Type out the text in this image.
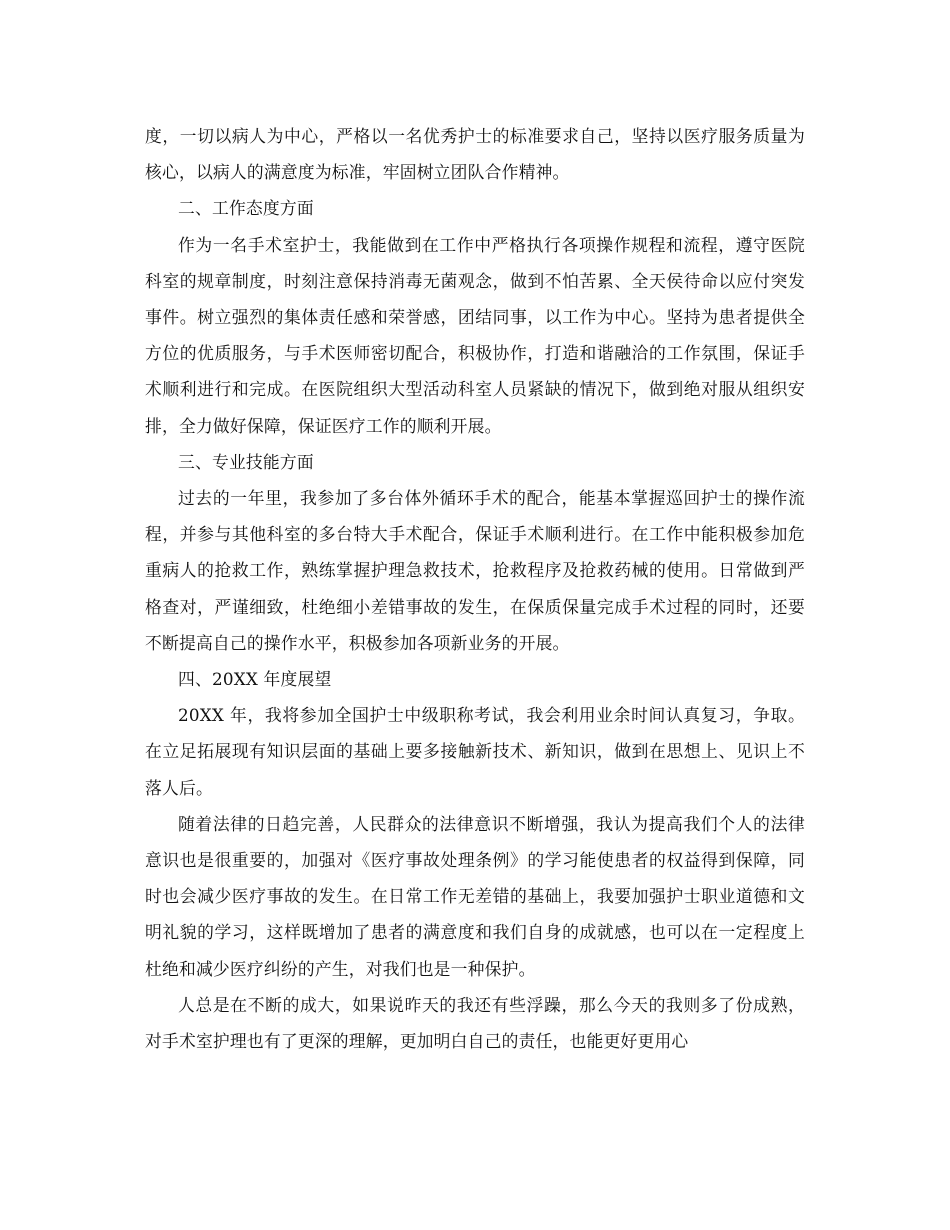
度，一切以病人为中心，严格以一名优秀护士的标准要求自己，坚持以医疗服务质量为核心，以病人的满意度为标准，牢固树立团队合作精神。

二、工作态度方面

作为一名手术室护士，我能做到在工作中严格执行各项操作规程和流程，遵守医院科室的规章制度，时刻注意保持消毒无菌观念，做到不怕苦累、全天侯待命以应付突发事件。树立强烈的集体责任感和荣誉感，团结同事，以工作为中心。坚持为患者提供全方位的优质服务，与手术医师密切配合，积极协作，打造和谐融洽的工作氛围，保证手术顺利进行和完成。在医院组织大型活动科室人员紧缺的情况下，做到绝对服从组织安排，全力做好保障，保证医疗工作的顺利开展。

三、专业技能方面

过去的一年里，我参加了多台体外循环手术的配合，能基本掌握巡回护士的操作流程，并参与其他科室的多台特大手术配合，保证手术顺利进行。在工作中能积极参加危重病人的抢救工作，熟练掌握护理急救技术，抢救程序及抢救药械的使用。日常做到严格查对，严谨细致，杜绝细小差错事故的发生，在保质保量完成手术过程的同时，还要不断提高自己的操作水平，积极参加各项新业务的开展。

四、20XX 年度展望

20XX 年，我将参加全国护士中级职称考试，我会利用业余时间认真复习，争取。在立足拓展现有知识层面的基础上要多接触新技术、新知识，做到在思想上、见识上不落人后。

随着法律的日趋完善，人民群众的法律意识不断增强，我认为提高我们个人的法律意识也是很重要的，加强对《医疗事故处理条例》的学习能使患者的权益得到保障，同时也会减少医疗事故的发生。在日常工作无差错的基础上，我要加强护士职业道德和文明礼貌的学习，这样既增加了患者的满意度和我们自身的成就感，也可以在一定程度上杜绝和减少医疗纠纷的产生，对我们也是一种保护。

人总是在不断的成大，如果说昨天的我还有些浮躁，那么今天的我则多了份成熟，对手术室护理也有了更深的理解，更加明白自己的责任，也能更好更用心
